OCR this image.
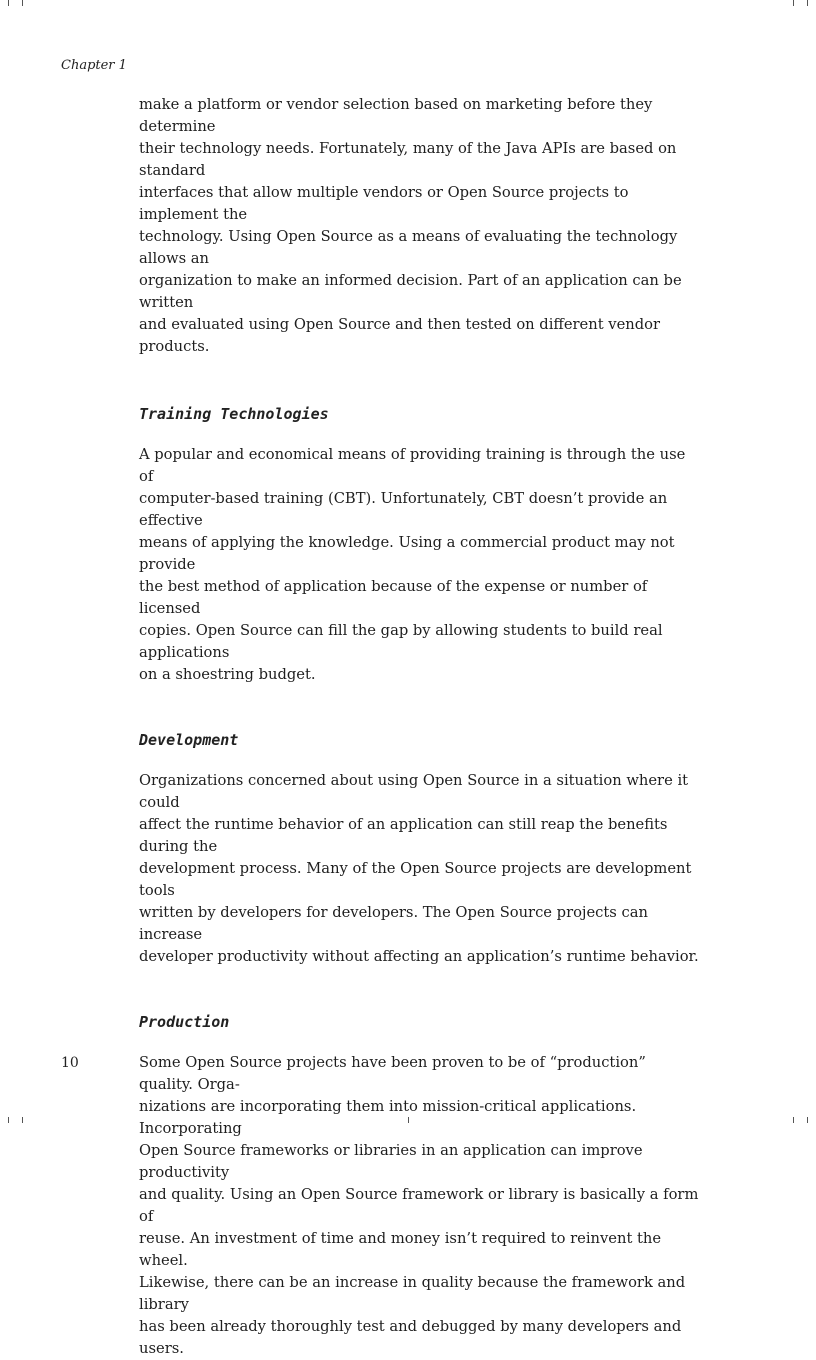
Chapter 1

make a platform or vendor selection based on marketing before they determine
their technology needs. Fortunately, many of the Java APIs are based on standard
interfaces that allow multiple vendors or Open Source projects to implement the
technology. Using Open Source as a means of evaluating the technology allows an
organization to make an informed decision. Part of an application can be written
and evaluated using Open Source and then tested on different vendor products.

Training Technologies

A popular and economical means of providing training is through the use of
computer-based training (CBT). Unfortunately, CBT doesn’t provide an effective
means of applying the knowledge. Using a commercial product may not provide
the best method of application because of the expense or number of licensed
copies. Open Source can fill the gap by allowing students to build real applications
on a shoestring budget.

Development

Organizations concerned about using Open Source in a situation where it could
affect the runtime behavior of an application can still reap the benefits during the
development process. Many of the Open Source projects are development tools
written by developers for developers. The Open Source projects can increase
developer productivity without affecting an application’s runtime behavior.

Production

Some Open Source projects have been proven to be of “production” quality. Orga-
nizations are incorporating them into mission-critical applications. Incorporating
Open Source frameworks or libraries in an application can improve productivity
and quality. Using an Open Source framework or library is basically a form of
reuse. An investment of time and money isn’t required to reinvent the wheel.
Likewise, there can be an increase in quality because the framework and library
has been already thoroughly test and debugged by many developers and users.

10
